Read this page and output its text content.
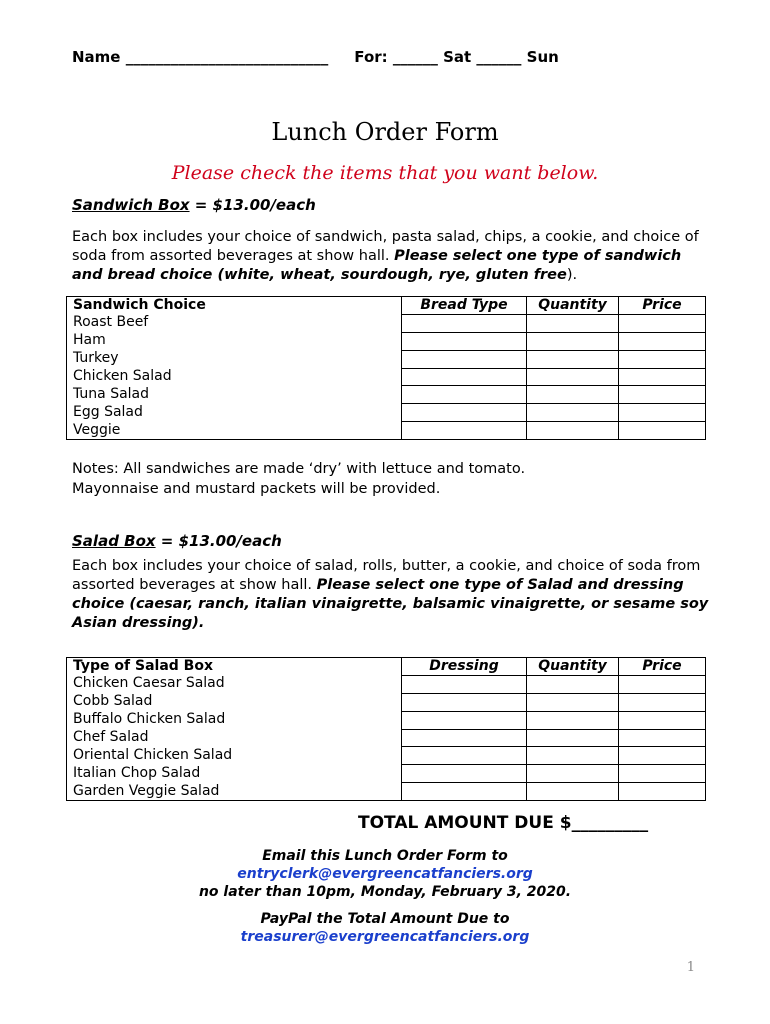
Name ___________________________     For: ______ Sat ______ Sun
Lunch Order Form
Please check the items that you want below.
Sandwich Box = $13.00/each
Each box includes your choice of sandwich, pasta salad, chips, a cookie, and choice of soda from assorted beverages at show hall. Please select one type of sandwich and bread choice (white, wheat, sourdough, rye, gluten free).
Sandwich Choice	Bread Type	Quantity	Price
Roast Beef			
Ham			
Turkey			
Chicken Salad			
Tuna Salad			
Egg Salad			
Veggie			
Notes: All sandwiches are made ‘dry’ with lettuce and tomato.
Mayonnaise and mustard packets will be provided.
Salad Box = $13.00/each
Each box includes your choice of salad, rolls, butter, a cookie, and choice of soda from assorted beverages at show hall. Please select one type of Salad and dressing choice (caesar, ranch, italian vinaigrette, balsamic vinaigrette, or sesame soy Asian dressing).
Type of Salad Box	Dressing	Quantity	Price
Chicken Caesar Salad			
Cobb Salad			
Buffalo Chicken Salad			
Chef Salad			
Oriental Chicken Salad			
Italian Chop Salad			
Garden Veggie Salad			
TOTAL AMOUNT DUE $_________
Email this Lunch Order Form to
entryclerk@evergreencatfanciers.org
no later than 10pm, Monday, February 3, 2020.
PayPal the Total Amount Due to
treasurer@evergreencatfanciers.org
1
